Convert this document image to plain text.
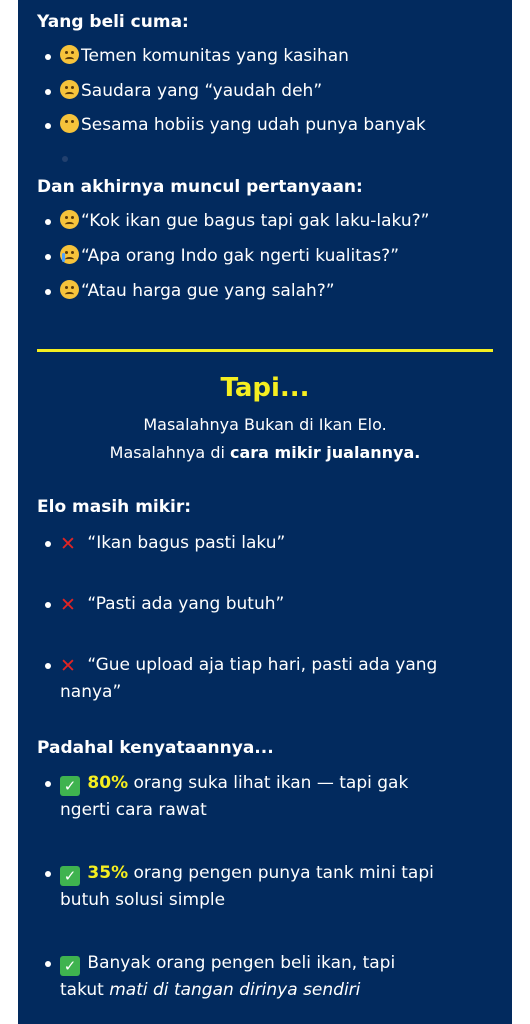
Yang beli cuma:
Temen komunitas yang kasihan
Saudara yang “yaudah deh”
Sesama hobiis yang udah punya banyak
Dan akhirnya muncul pertanyaan:
“Kok ikan gue bagus tapi gak laku-laku?”
“Apa orang Indo gak ngerti kualitas?”
“Atau harga gue yang salah?”
Tapi...
Masalahnya Bukan di Ikan Elo.
Masalahnya di cara mikir jualannya.
Elo masih mikir:
✕ “Ikan bagus pasti laku”
✕ “Pasti ada yang butuh”
✕ “Gue upload aja tiap hari, pasti ada yang
nanya”
Padahal kenyataannya...
✓ 80% orang suka lihat ikan — tapi gak
ngerti cara rawat
✓ 35% orang pengen punya tank mini tapi
butuh solusi simple
✓ Banyak orang pengen beli ikan, tapi
takut mati di tangan dirinya sendiri
